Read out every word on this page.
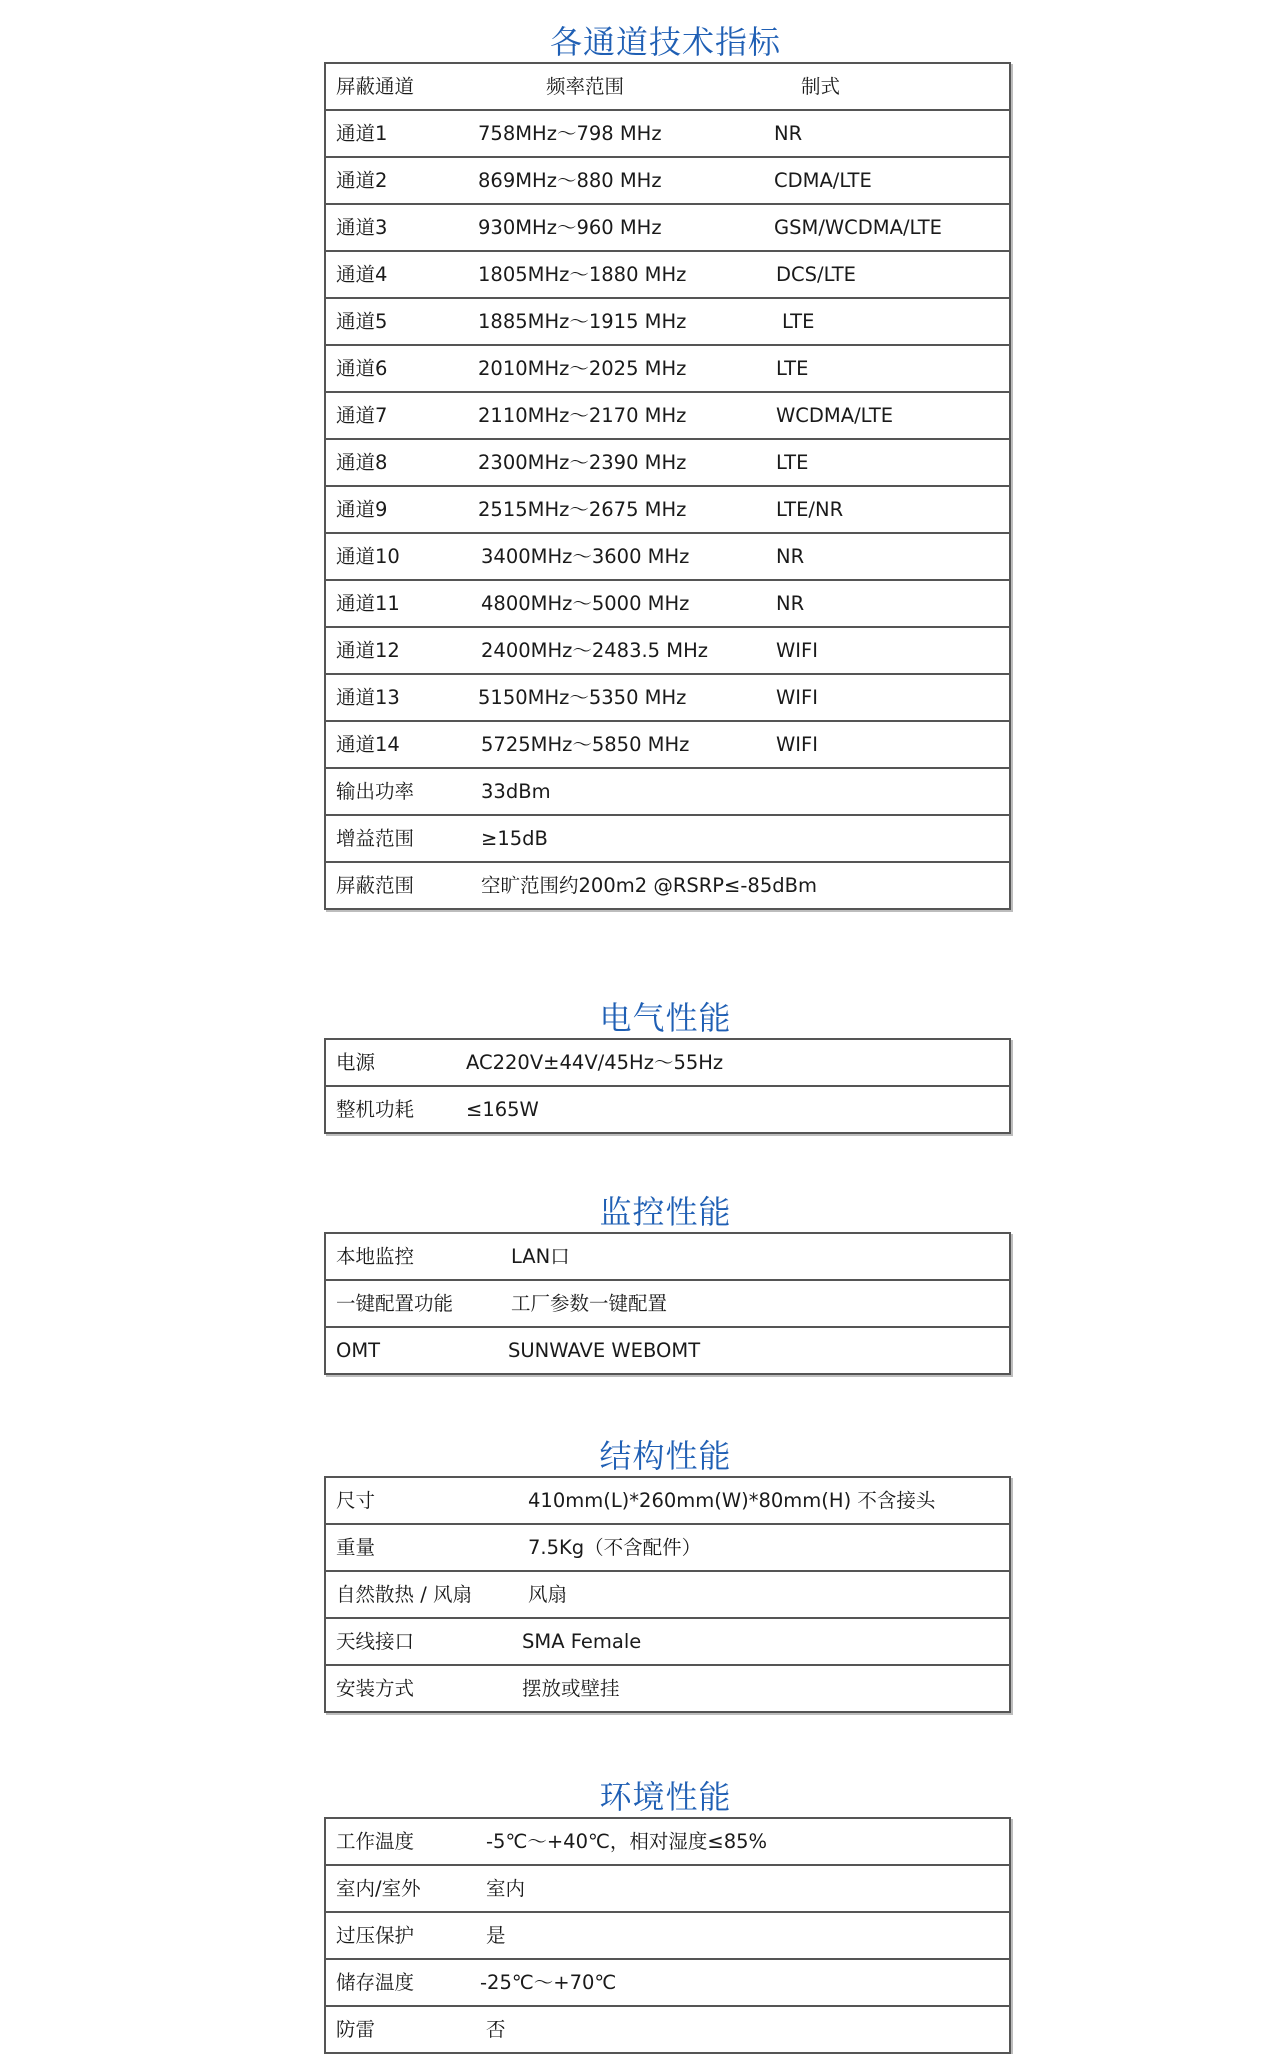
各通道技术指标
屏蔽通道	频率范围	制式
通道1	758MHz～798 MHz	NR
通道2	869MHz～880 MHz	CDMA/LTE
通道3	930MHz～960 MHz	GSM/WCDMA/LTE
通道4	1805MHz～1880 MHz	DCS/LTE
通道5	1885MHz～1915 MHz	LTE
通道6	2010MHz～2025 MHz	LTE
通道7	2110MHz～2170 MHz	WCDMA/LTE
通道8	2300MHz～2390 MHz	LTE
通道9	2515MHz～2675 MHz	LTE/NR
通道10	3400MHz～3600 MHz	NR
通道11	4800MHz～5000 MHz	NR
通道12	2400MHz～2483.5 MHz	WIFI
通道13	5150MHz～5350 MHz	WIFI
通道14	5725MHz～5850 MHz	WIFI
输出功率	33dBm
增益范围	≥15dB
屏蔽范围	空旷范围约200m2 @RSRP≤-85dBm
电气性能
电源	AC220V±44V/45Hz～55Hz
整机功耗	≤165W
监控性能
本地监控	LAN口
一键配置功能	工厂参数一键配置
OMT	SUNWAVE WEBOMT
结构性能
尺寸	410mm(L)*260mm(W)*80mm(H) 不含接头
重量	7.5Kg（不含配件）
自然散热 / 风扇	风扇
天线接口	SMA Female
安装方式	摆放或壁挂
环境性能
工作温度	-5℃～+40℃，相对湿度≤85%
室内/室外	室内
过压保护	是
储存温度	-25℃～+70℃
防雷	否
